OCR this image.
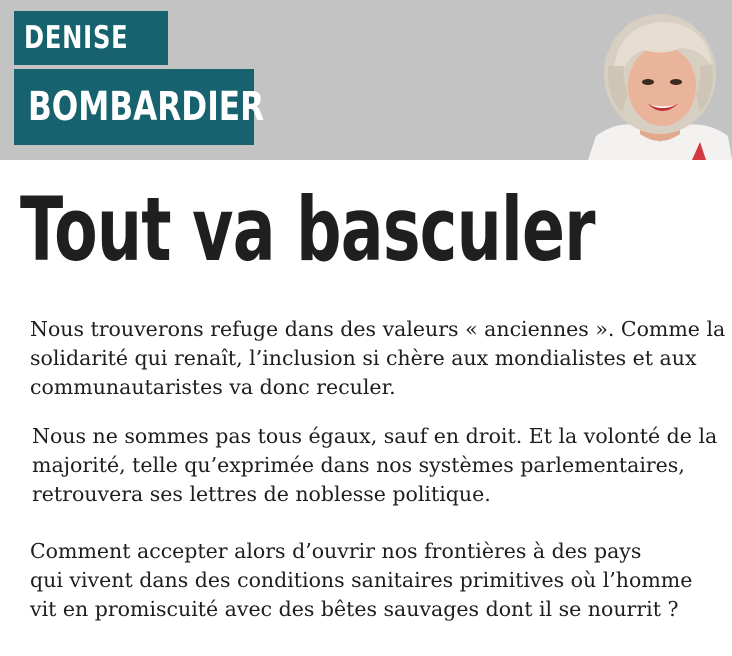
DENISE
BOMBARDIER
Tout va basculer

Nous trouverons refuge dans des valeurs « anciennes ». Comme la
solidarité qui renaît, l’inclusion si chère aux mondialistes et aux
communautaristes va donc reculer.

Nous ne sommes pas tous égaux, sauf en droit. Et la volonté de la
majorité, telle qu’exprimée dans nos systèmes parlementaires,
retrouvera ses lettres de noblesse politique.

Comment accepter alors d’ouvrir nos frontières à des pays
qui vivent dans des conditions sanitaires primitives où l’homme
vit en promiscuité avec des bêtes sauvages dont il se nourrit ?
